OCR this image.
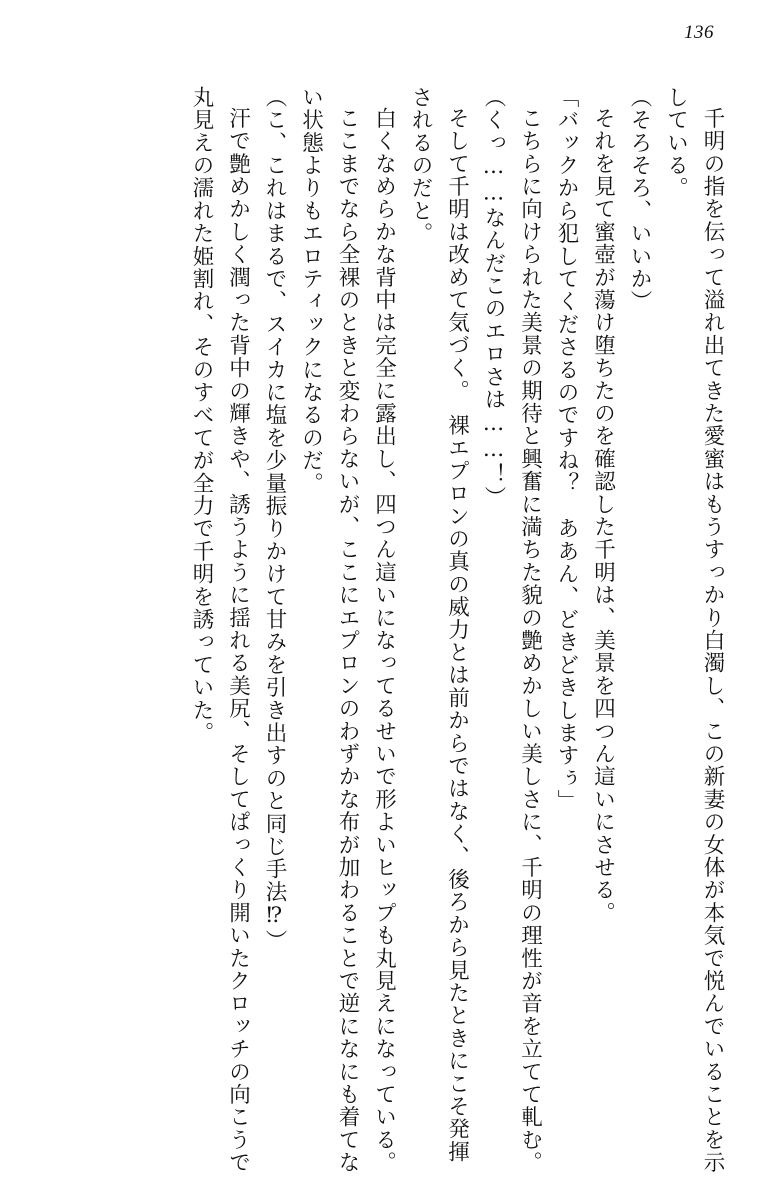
136

千明の指を伝って溢れ出てきた愛蜜はもうすっかり白濁し、この新妻の女体が本気で悦んでいることを示している。

（そろそろ、いいか）

それを見て蜜壺が蕩け堕ちたのを確認した千明は、美景を四つん這いにさせる。

「バックから犯してくださるのですね？　ああん、どきどきしますぅ」

こちらに向けられた美景の期待と興奮に満ちた貌の艶めかしい美しさに、千明の理性が音を立てて軋む。

（くっ……なんだこのエロさは……！）

そして千明は改めて気づく。　裸エプロンの真の威力とは前からではなく、後ろから見たときにこそ発揮されるのだと。

白くなめらかな背中は完全に露出し、四つん這いになってるせいで形よいヒップも丸見えになっている。

ここまでなら全裸のときと変わらないが、ここにエプロンのわずかな布が加わることで逆になにも着てない状態よりもエロティックになるのだ。

（こ、これはまるで、スイカに塩を少量振りかけて甘みを引き出すのと同じ手法⁉）

汗で艶めかしく潤った背中の輝きや、誘うように揺れる美尻、そしてぱっくり開いたクロッチの向こうで丸見えの濡れた姫割れ、そのすべてが全力で千明を誘っていた。
